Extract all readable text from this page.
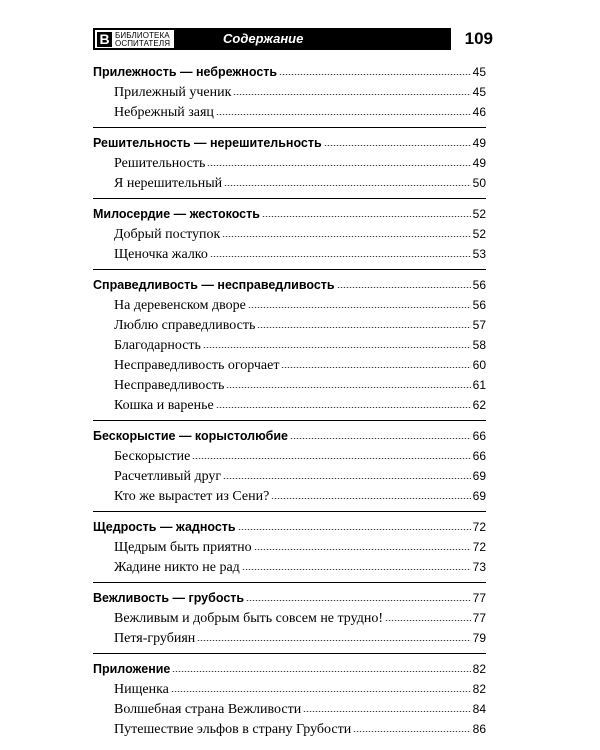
В БИБЛИОТЕКА
ОСПИТАТЕЛЯ	Содержание	109
Прилежность — небрежность	45
Прилежный ученик	45
Небрежный заяц	46
Решительность — нерешительность	49
Решительность	49
Я нерешительный	50
Милосердие — жестокость	52
Добрый поступок	52
Щеночка жалко	53
Справедливость — несправедливость	56
На деревенском дворе	56
Люблю справедливость	57
Благодарность	58
Несправедливость огорчает	60
Несправедливость	61
Кошка и варенье	62
Бескорыстие — корыстолюбие	66
Бескорыстие	66
Расчетливый друг	69
Кто же вырастет из Сени?	69
Щедрость — жадность	72
Щедрым быть приятно	72
Жадине никто не рад	73
Вежливость — грубость	77
Вежливым и добрым быть совсем не трудно!	77
Петя-грубиян	79
Приложение	82
Нищенка	82
Волшебная страна Вежливости	84
Путешествие эльфов в страну Грубости	86
